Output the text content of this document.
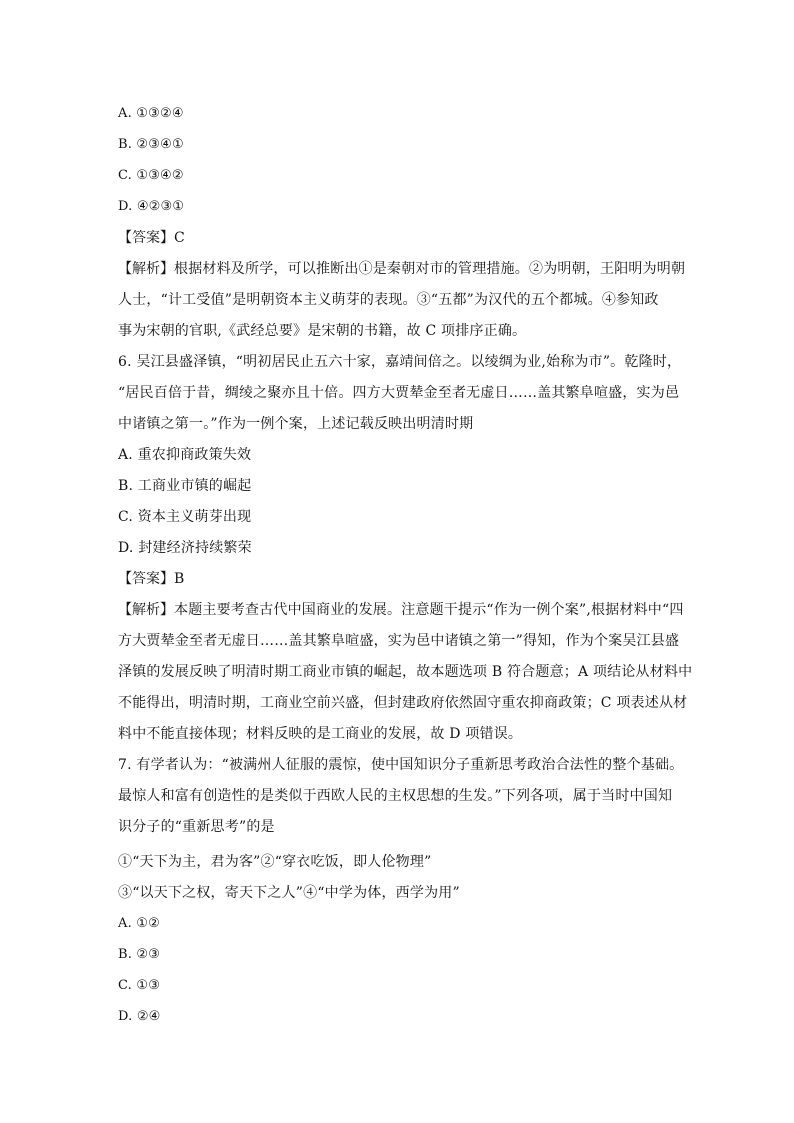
A. ①③②④
B. ②③④①
C. ①③④②
D. ④②③①
【答案】C
【解析】根据材料及所学，可以推断出①是秦朝对市的管理措施。②为明朝，王阳明为明朝
人士，“计工受值”是明朝资本主义萌芽的表现。③“五都”为汉代的五个都城。④参知政
事为宋朝的官职,《武经总要》是宋朝的书籍，故 C 项排序正确。
6. 吴江县盛泽镇，“明初居民止五六十家，嘉靖间倍之。以绫绸为业,始称为市”。乾隆时，
“居民百倍于昔，绸绫之聚亦且十倍。四方大贾辇金至者无虚日……盖其繁阜喧盛，实为邑
中诸镇之第一。”作为一例个案，上述记载反映出明清时期
A. 重农抑商政策失效
B. 工商业市镇的崛起
C. 资本主义萌芽出现
D. 封建经济持续繁荣
【答案】B
【解析】本题主要考查古代中国商业的发展。注意题干提示“作为一例个案”,根据材料中“四
方大贾辇金至者无虚日……盖其繁阜喧盛，实为邑中诸镇之第一”得知，作为个案吴江县盛
泽镇的发展反映了明清时期工商业市镇的崛起，故本题选项 B 符合题意；A 项结论从材料中
不能得出，明清时期，工商业空前兴盛，但封建政府依然固守重农抑商政策；C 项表述从材
料中不能直接体现；材料反映的是工商业的发展，故 D 项错误。
7. 有学者认为：“被满州人征服的震惊，使中国知识分子重新思考政治合法性的整个基础。
最惊人和富有创造性的是类似于西欧人民的主权思想的生发。”下列各项，属于当时中国知
识分子的“重新思考”的是
①“天下为主，君为客”②“穿衣吃饭，即人伦物理”
③“以天下之权，寄天下之人”④“中学为体，西学为用”
A. ①②
B. ②③
C. ①③
D. ②④
